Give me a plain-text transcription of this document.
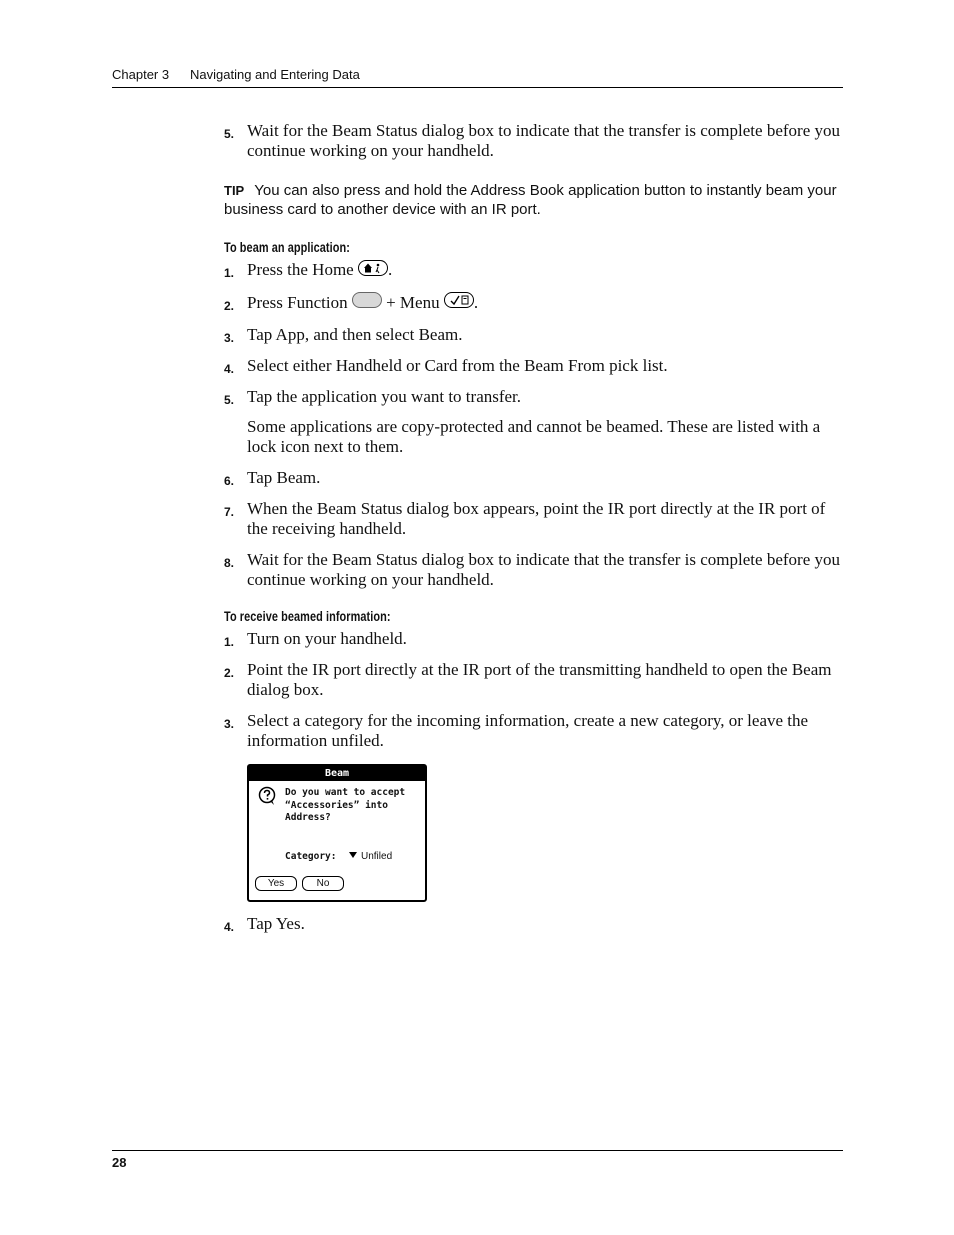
Chapter 3 Navigating and Entering Data
5. Wait for the Beam Status dialog box to indicate that the transfer is complete before you continue working on your handheld.
TIP You can also press and hold the Address Book application button to instantly beam your business card to another device with an IR port.
To beam an application:
1. Press the Home .
2. Press Function + Menu .
3. Tap App, and then select Beam.
4. Select either Handheld or Card from the Beam From pick list.
5. Tap the application you want to transfer.
Some applications are copy-protected and cannot be beamed. These are listed with a lock icon next to them.
6. Tap Beam.
7. When the Beam Status dialog box appears, point the IR port directly at the IR port of the receiving handheld.
8. Wait for the Beam Status dialog box to indicate that the transfer is complete before you continue working on your handheld.
To receive beamed information:
1. Turn on your handheld.
2. Point the IR port directly at the IR port of the transmitting handheld to open the Beam dialog box.
3. Select a category for the incoming information, create a new category, or leave the information unfiled.
Beam
Do you want to accept
“Accessories” into
Address?
Category:	Unfiled
Yes	No
4. Tap Yes.
28
